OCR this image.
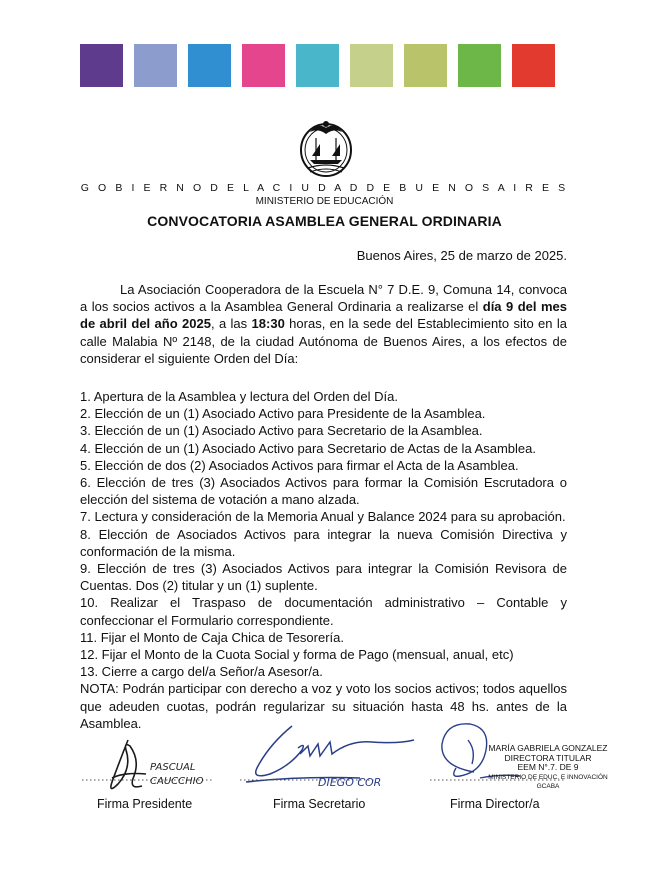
G O B I E R N O D E L A C I U D A D D E B U E N O S A I R E S
MINISTERIO DE EDUCACIÓN
CONVOCATORIA ASAMBLEA GENERAL ORDINARIA
Buenos Aires, 25 de marzo de 2025.
La Asociación Cooperadora de la Escuela N° 7 D.E. 9, Comuna 14, convoca a los socios activos a la Asamblea General Ordinaria a realizarse el día 9 del mes de abril del año 2025, a las 18:30 horas, en la sede del Establecimiento sito en la calle Malabia Nº 2148, de la ciudad Autónoma de Buenos Aires, a los efectos de considerar el siguiente Orden del Día:
1. Apertura de la Asamblea y lectura del Orden del Día.
2. Elección de un (1) Asociado Activo para Presidente de la Asamblea.
3. Elección de un (1) Asociado Activo para Secretario de la Asamblea.
4. Elección de un (1) Asociado Activo para Secretario de Actas de la Asamblea.
5. Elección de dos (2) Asociados Activos para firmar el Acta de la Asamblea.
6. Elección de tres (3) Asociados Activos para formar la Comisión Escrutadora o elección del sistema de votación a mano alzada.
7. Lectura y consideración de la Memoria Anual y Balance 2024 para su aprobación.
8. Elección de Asociados Activos para integrar la nueva Comisión Directiva y conformación de la misma.
9. Elección de tres (3) Asociados Activos para integrar la Comisión Revisora de Cuentas. Dos (2) titular y un (1) suplente.
10. Realizar el Traspaso de documentación administrativo – Contable y confeccionar el Formulario correspondiente.
11. Fijar el Monto de Caja Chica de Tesorería.
12. Fijar el Monto de la Cuota Social y forma de Pago (mensual, anual, etc)
13. Cierre a cargo del/a Señor/a Asesor/a.
NOTA: Podrán participar con derecho a voz y voto los socios activos; todos aquellos que adeuden cuotas, podrán regularizar su situación hasta 48 hs. antes de la Asamblea.
PASCUAL
CAUCCHIO	DIEGO COR
MARÍA GABRIELA GONZALEZ
DIRECTORA TITULAR
EEM N°.7. DE 9
MINISTERIO DE EDUC. E INNOVACIÓN GCABA
Firma Presidente	Firma Secretario	Firma Director/a
